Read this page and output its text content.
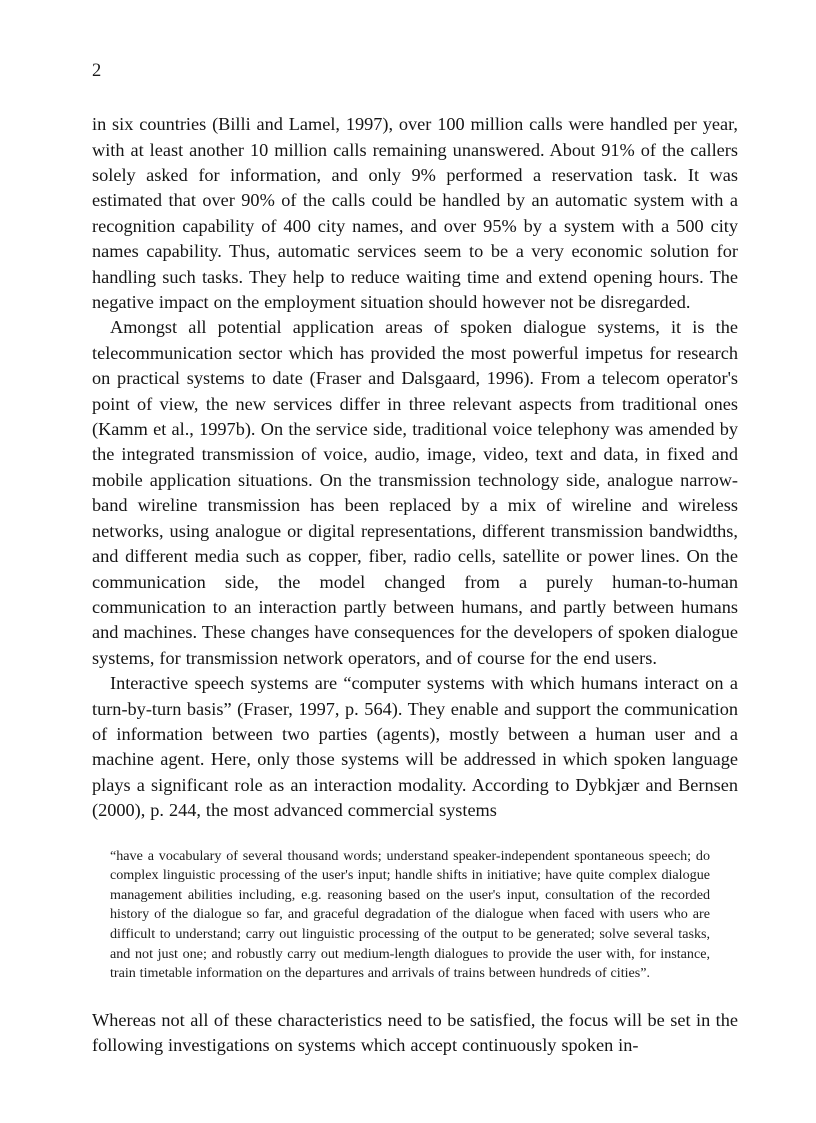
2

in six countries (Billi and Lamel, 1997), over 100 million calls were handled per year, with at least another 10 million calls remaining unanswered. About 91% of the callers solely asked for information, and only 9% performed a reservation task. It was estimated that over 90% of the calls could be handled by an automatic system with a recognition capability of 400 city names, and over 95% by a system with a 500 city names capability. Thus, automatic services seem to be a very economic solution for handling such tasks. They help to reduce waiting time and extend opening hours. The negative impact on the employment situation should however not be disregarded.

Amongst all potential application areas of spoken dialogue systems, it is the telecommunication sector which has provided the most powerful impetus for research on practical systems to date (Fraser and Dalsgaard, 1996). From a telecom operator's point of view, the new services differ in three relevant aspects from traditional ones (Kamm et al., 1997b). On the service side, traditional voice telephony was amended by the integrated transmission of voice, audio, image, video, text and data, in fixed and mobile application situations. On the transmission technology side, analogue narrow-band wireline transmission has been replaced by a mix of wireline and wireless networks, using analogue or digital representations, different transmission bandwidths, and different media such as copper, fiber, radio cells, satellite or power lines. On the communication side, the model changed from a purely human-to-human communication to an interaction partly between humans, and partly between humans and machines. These changes have consequences for the developers of spoken dialogue systems, for transmission network operators, and of course for the end users.

Interactive speech systems are “computer systems with which humans interact on a turn-by-turn basis” (Fraser, 1997, p. 564). They enable and support the communication of information between two parties (agents), mostly between a human user and a machine agent. Here, only those systems will be addressed in which spoken language plays a significant role as an interaction modality. According to Dybkjær and Bernsen (2000), p. 244, the most advanced commercial systems

“have a vocabulary of several thousand words; understand speaker-independent spontaneous speech; do complex linguistic processing of the user's input; handle shifts in initiative; have quite complex dialogue management abilities including, e.g. reasoning based on the user's input, consultation of the recorded history of the dialogue so far, and graceful degradation of the dialogue when faced with users who are difficult to understand; carry out linguistic processing of the output to be generated; solve several tasks, and not just one; and robustly carry out medium-length dialogues to provide the user with, for instance, train timetable information on the departures and arrivals of trains between hundreds of cities”.

Whereas not all of these characteristics need to be satisfied, the focus will be set in the following investigations on systems which accept continuously spoken in-
